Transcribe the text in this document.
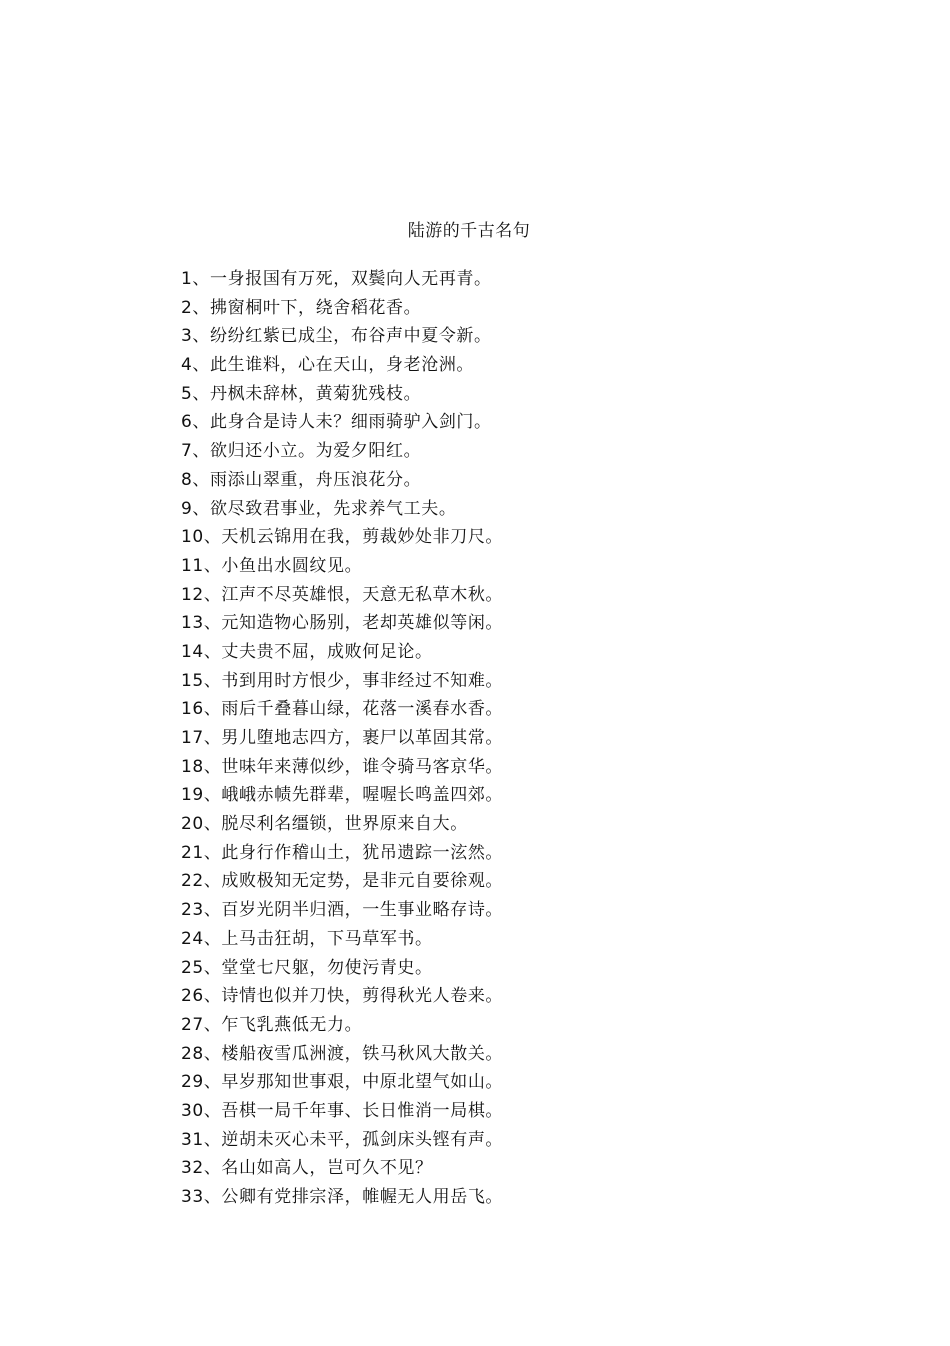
陆游的千古名句
1、一身报国有万死，双鬓向人无再青。
2、拂窗桐叶下，绕舍稻花香。
3、纷纷红紫已成尘，布谷声中夏令新。
4、此生谁料，心在天山，身老沧洲。
5、丹枫未辞林，黄菊犹残枝。
6、此身合是诗人未？细雨骑驴入剑门。
7、欲归还小立。为爱夕阳红。
8、雨添山翠重，舟压浪花分。
9、欲尽致君事业，先求养气工夫。
10、天机云锦用在我，剪裁妙处非刀尺。
11、小鱼出水圆纹见。
12、江声不尽英雄恨，天意无私草木秋。
13、元知造物心肠别，老却英雄似等闲。
14、丈夫贵不屈，成败何足论。
15、书到用时方恨少，事非经过不知难。
16、雨后千叠暮山绿，花落一溪春水香。
17、男儿堕地志四方，裹尸以革固其常。
18、世味年来薄似纱，谁令骑马客京华。
19、峨峨赤帻先群辈，喔喔长鸣盖四郊。
20、脱尽利名缰锁，世界原来自大。
21、此身行作稽山土，犹吊遗踪一泫然。
22、成败极知无定势，是非元自要徐观。
23、百岁光阴半归酒，一生事业略存诗。
24、上马击狂胡，下马草军书。
25、堂堂七尺躯，勿使污青史。
26、诗情也似并刀快，剪得秋光人卷来。
27、乍飞乳燕低无力。
28、楼船夜雪瓜洲渡，铁马秋风大散关。
29、早岁那知世事艰，中原北望气如山。
30、吾棋一局千年事、长日惟消一局棋。
31、逆胡未灭心未平，孤剑床头铿有声。
32、名山如高人，岂可久不见？
33、公卿有党排宗泽，帷幄无人用岳飞。
